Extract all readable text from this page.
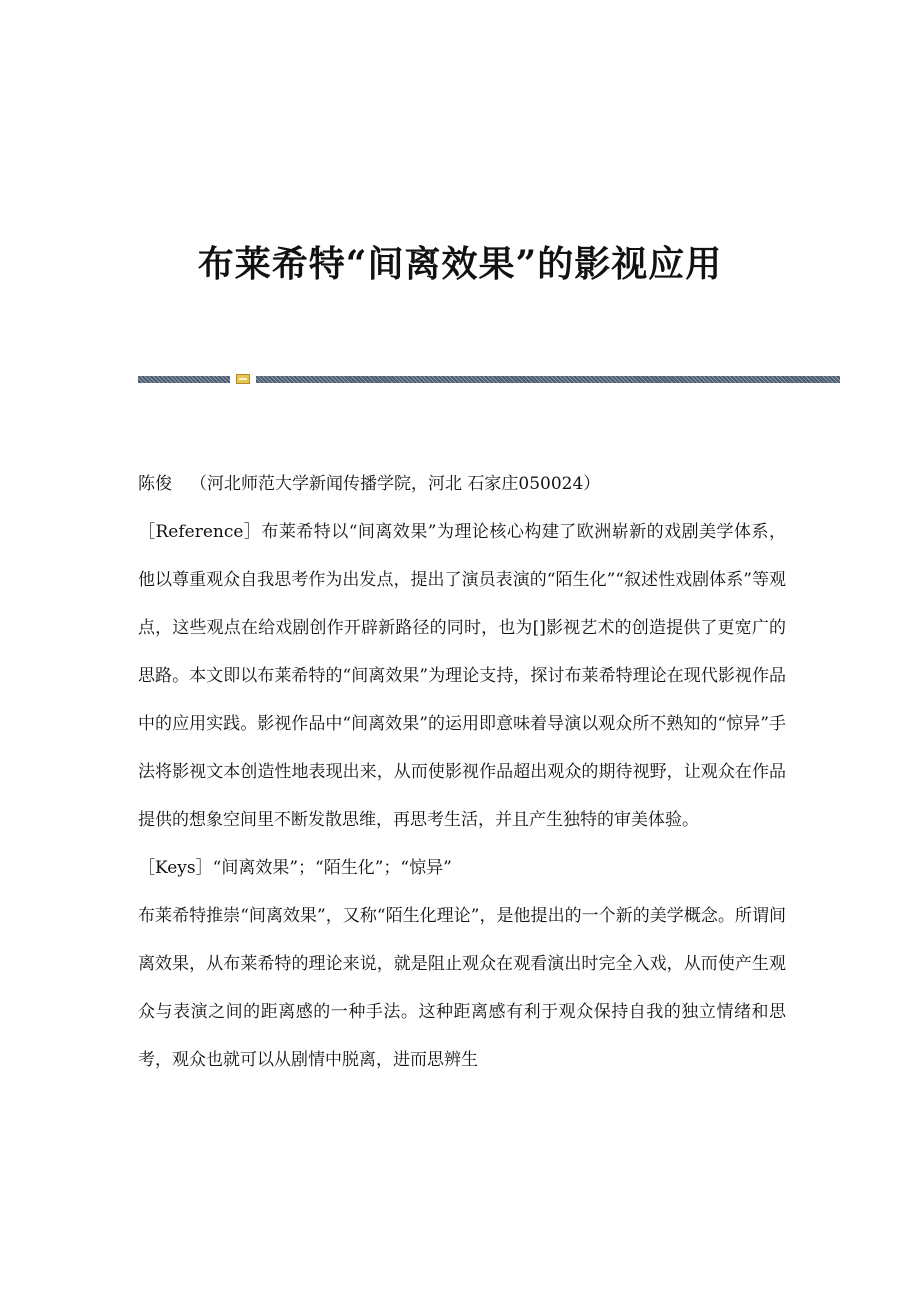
布莱希特“间离效果”的影视应用

陈俊 （河北师范大学新闻传播学院，河北 石家庄050024）

［Reference］布莱希特以“间离效果”为理论核心构建了欧洲崭新的戏剧美学体系，他以尊重观众自我思考作为出发点，提出了演员表演的“陌生化”“叙述性戏剧体系”等观点，这些观点在给戏剧创作开辟新路径的同时，也为[]影视艺术的创造提供了更宽广的思路。本文即以布莱希特的“间离效果”为理论支持，探讨布莱希特理论在现代影视作品中的应用实践。影视作品中“间离效果”的运用即意味着导演以观众所不熟知的“惊异”手法将影视文本创造性地表现出来，从而使影视作品超出观众的期待视野，让观众在作品提供的想象空间里不断发散思维，再思考生活，并且产生独特的审美体验。

［Keys］“间离效果”；“陌生化”；“惊异”

布莱希特推崇“间离效果”，又称“陌生化理论”，是他提出的一个新的美学概念。所谓间离效果，从布莱希特的理论来说，就是阻止观众在观看演出时完全入戏，从而使产生观众与表演之间的距离感的一种手法。这种距离感有利于观众保持自我的独立情绪和思考，观众也就可以从剧情中脱离，进而思辨生
